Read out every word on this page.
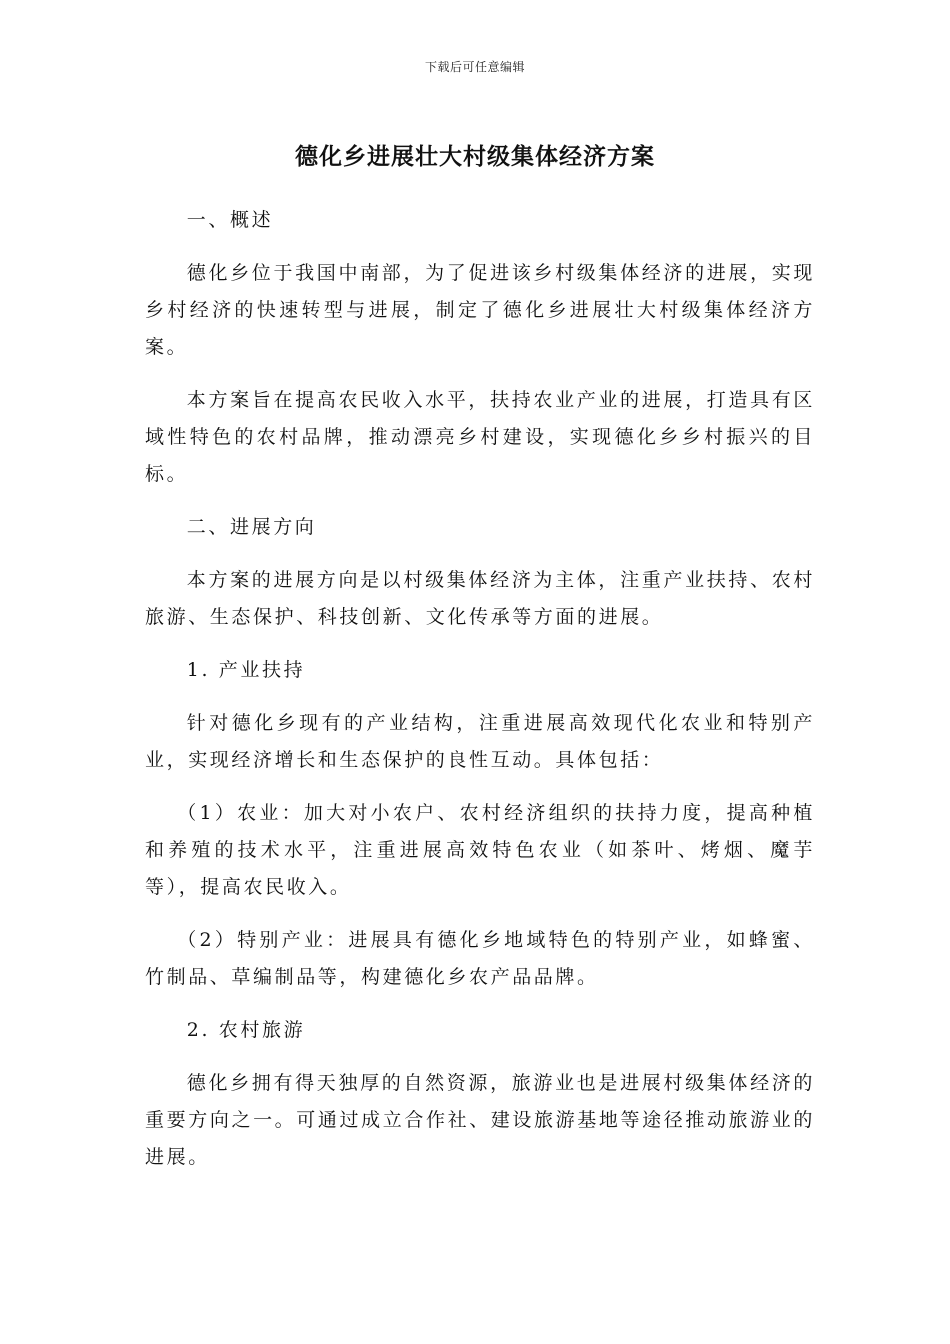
下载后可任意编辑
德化乡进展壮大村级集体经济方案
一、概述

德化乡位于我国中南部，为了促进该乡村级集体经济的进展，实现乡村经济的快速转型与进展，制定了德化乡进展壮大村级集体经济方案。

本方案旨在提高农民收入水平，扶持农业产业的进展，打造具有区域性特色的农村品牌，推动漂亮乡村建设，实现德化乡乡村振兴的目标。

二、进展方向

本方案的进展方向是以村级集体经济为主体，注重产业扶持、农村旅游、生态保护、科技创新、文化传承等方面的进展。

1. 产业扶持

针对德化乡现有的产业结构，注重进展高效现代化农业和特别产业，实现经济增长和生态保护的良性互动。具体包括：

（1）农业：加大对小农户、农村经济组织的扶持力度，提高种植和养殖的技术水平，注重进展高效特色农业（如茶叶、烤烟、魔芋等），提高农民收入。

（2）特别产业：进展具有德化乡地域特色的特别产业，如蜂蜜、竹制品、草编制品等，构建德化乡农产品品牌。

2. 农村旅游

德化乡拥有得天独厚的自然资源，旅游业也是进展村级集体经济的重要方向之一。可通过成立合作社、建设旅游基地等途径推动旅游业的进展。
